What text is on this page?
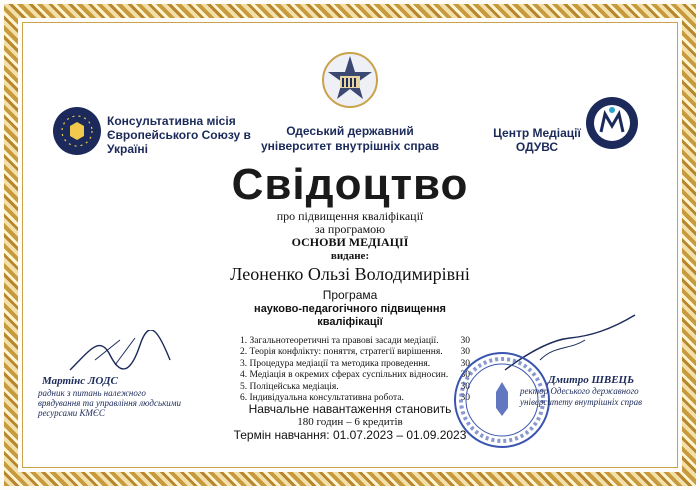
Консультативна місія Європейського Союзу в Україні
Одеський державний університет внутрішніх справ
Центр Медіації ОДУВС
Свідоцтво
про підвищення кваліфікації
за програмою
ОСНОВИ МЕДІАЦІЇ
видане:
Леоненко Ользі Володимирівні
Програма
науково-педагогічного підвищення
кваліфікації
1. Загальнотеоретичні та правові засади медіації. 30
2. Теорія конфлікту: поняття, стратегії вирішення. 30
3. Процедура медіації та методика проведення.	30
4. Медіація в окремих сферах суспільних відносин. 30
5. Поліцейська медіація.	30
6. Індивідуальна консультативна робота.	30
Навчальне навантаження становить
180 годин – 6 кредитів
Термін навчання: 01.07.2023 – 01.09.2023
Мартінс ЛОДС
радник з питань належного врядування та управління людськими ресурсами КМЄС
Дмитро ШВЕЦЬ
ректор Одеського державного університету внутрішніх справ
